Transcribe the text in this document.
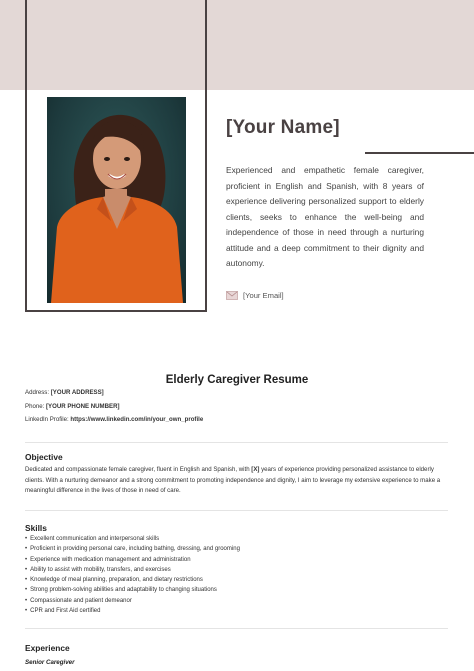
[Your Name]
Experienced and empathetic female caregiver, proficient in English and Spanish, with 8 years of experience delivering personalized support to elderly clients, seeks to enhance the well-being and independence of those in need through a nurturing attitude and a deep commitment to their dignity and autonomy.
[Your Email]
Elderly Caregiver Resume
Address: [YOUR ADDRESS]
Phone: [YOUR PHONE NUMBER]
LinkedIn Profile: https://www.linkedin.com/in/your_own_profile
Objective
Dedicated and compassionate female caregiver, fluent in English and Spanish, with [X] years of experience providing personalized assistance to elderly clients. With a nurturing demeanor and a strong commitment to promoting independence and dignity, I aim to leverage my extensive experience to make a meaningful difference in the lives of those in need of care.
Skills
• Excellent communication and interpersonal skills
• Proficient in providing personal care, including bathing, dressing, and grooming
• Experience with medication management and administration
• Ability to assist with mobility, transfers, and exercises
• Knowledge of meal planning, preparation, and dietary restrictions
• Strong problem-solving abilities and adaptability to changing situations
• Compassionate and patient demeanor
• CPR and First Aid certified
Experience
Senior Caregiver
